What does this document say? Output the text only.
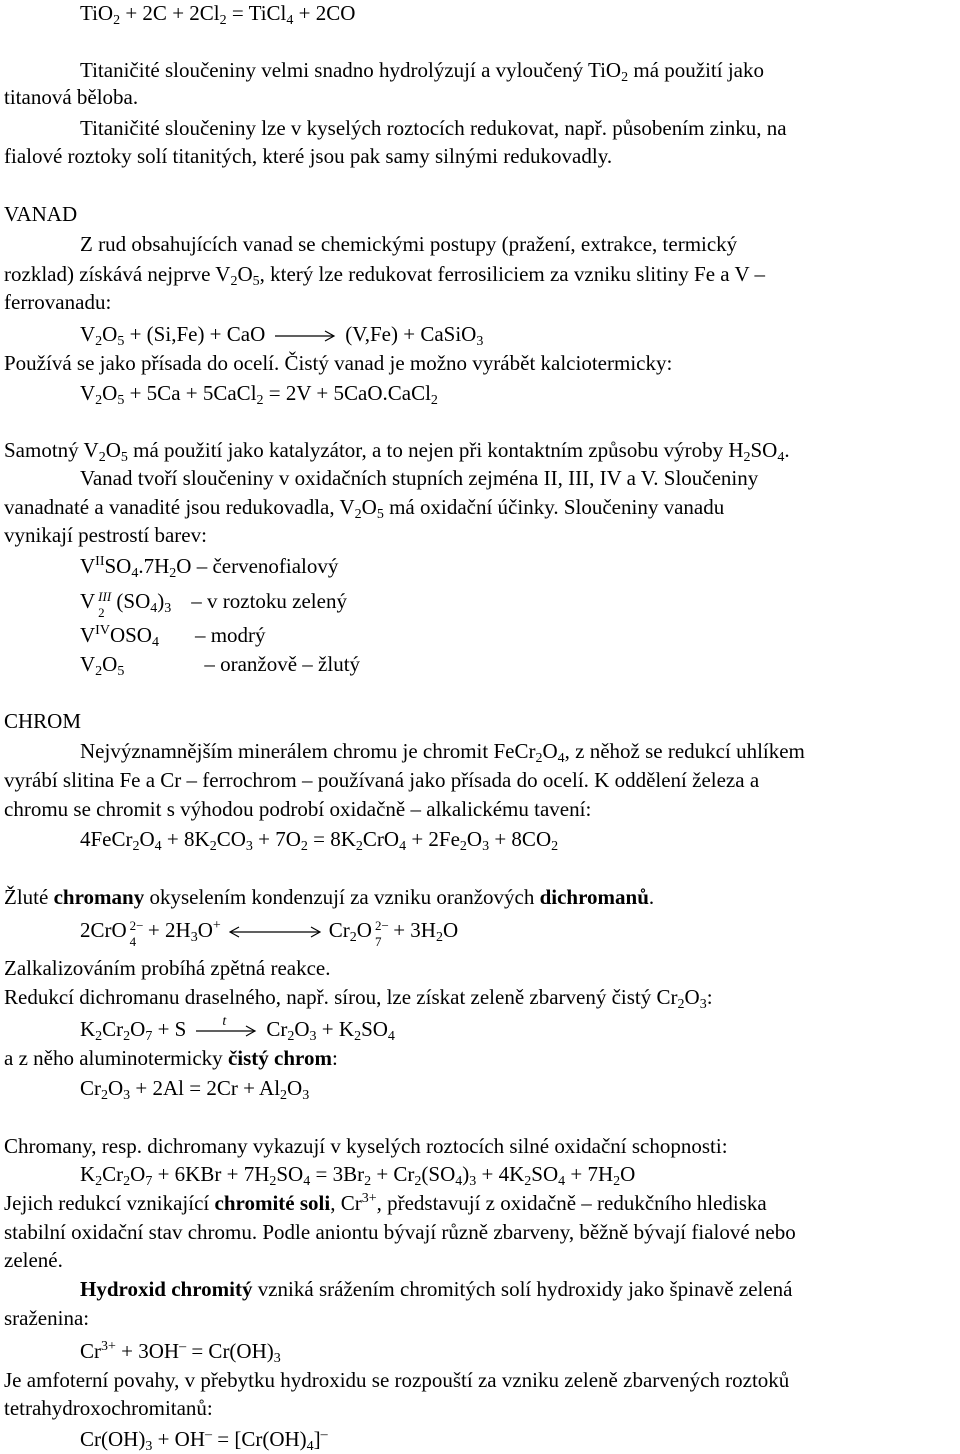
$TiO_2 + 2C + 2Cl_2$ = TiCl$_4$ + 2CO
Titaničité sloučeniny velmi snadno hydrolýzují a vyloučený TiO$_2$ má použití jako
titanová běloba.
Titaničité sloučeniny lze v kyselých roztocích redukovat, např. působením zinku, na
fialové roztoky solí titanitých, které jsou pak samy silnými redukovadly.
VANAD
Z rud obsahujících vanad se chemickými postupy (pražení, extrakce, termický
rozklad) získává nejprve $V_2O_5$, který lze redukovat ferrosiliciem za vzniku slitiny Fe a V –
ferrovanadu:
$V_2O_5 + (Si,Fe)$ + CaO → (V,Fe) + CaSiO$_3$
Používá se jako přísada do ocelí. Čistý vanad je možno vyrábět kalciotermicky:
$V_2O_5 + 5Ca$ + 5CaCl$_2$ = 2V + 5CaO.CaCl$_2$
Samotný $V_2O_5$ má použití jako katalyzátor, a to nejen při kontaktním způsobu výroby $H_2SO_4$.
Vanad tvoří sloučeniny v oxidačních stupních zejména II, III, IV a V. Sloučeniny
vanadnaté a vanadité jsou redukovadla, $V_2O_5$ má oxidační účinky. Sloučeniny vanadu
vynikají pestrostí barev:
$V^{II}SO_4.7H_2O$ – červenofialový
V III
2 $(SO_4)_3$ – v roztoku zelený
$V^{IV}OSO_4$ – modrý
$V_2O_5$	– oranžově – žlutý
CHROM
Nejvýznamnějším minerálem chromu je chromit $FeCr_2O_4$, z něhož se redukcí uhlíkem
vyrábí slitina Fe a Cr – ferrochrom – používaná jako přísada do ocelí. K oddělení železa a
chromu se chromit s výhodou podrobí oxidačně – alkalickému tavení:
$4FeCr_2O_4 + 8K_2CO_3 + 7O_2 = 8K_2CrO_4 + 2Fe_2O_3 + 8CO_2$
Žluté chromany okyselením kondenzují za vzniku oranžových dichromanů.
2CrO 2−
$4 + 2H_3O^+$	$Cr_2O$ 2−
$7 + 3H_2O$
Zalkalizováním probíhá zpětná reakce.
Redukcí dichromanu draselného, např. sírou, lze získat zeleně zbarvený čistý $Cr_2O_3$:
$K_2Cr_2O_7 + S$	t $Cr_2O_3 + K_2SO_4$
a z něho aluminotermicky čistý chrom:
$Cr_2O_3 + 2Al = 2Cr + Al_2O_3$
Chromany, resp. dichromany vykazují v kyselých roztocích silné oxidační schopnosti:
$K_2Cr_2O_7 + 6KBr + 7H_2SO_4 = 3Br_2 + Cr_2(SO_4)_3 + 4K_2SO_4 + 7H_2O$
Jejich redukcí vznikající chromité soli, $Cr^{3+}$, představují z oxidačně – redukčního hlediska
stabilní oxidační stav chromu. Podle aniontu bývají různě zbarveny, běžně bývají fialové nebo
zelené.
Hydroxid chromitý vzniká srážením chromitých solí hydroxidy jako špinavě zelená
sraženina:
$Cr^{3+} + 3OH^- = Cr(OH)_3$
Je amfoterní povahy, v přebytku hydroxidu se rozpouští za vzniku zeleně zbarvených roztoků
tetrahydroxochromitanů:
$Cr(OH)_3 + OH^- = [Cr(OH)_4]^-$
